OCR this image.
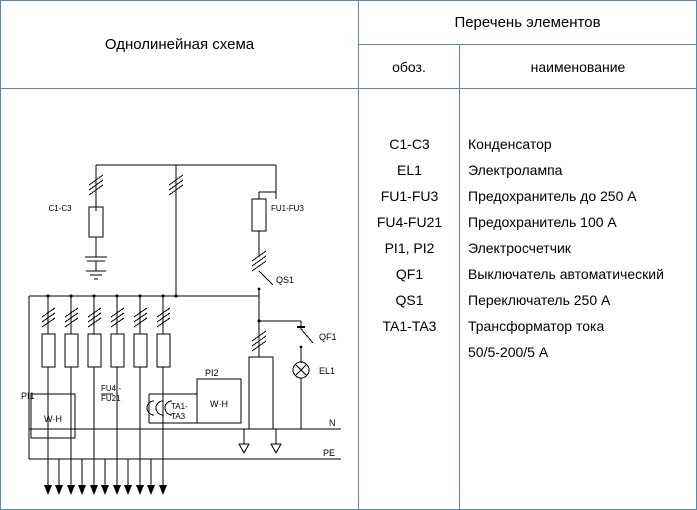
Однолинейная схема
Перечень элементов
обоз.	наименование
C1-C3	Конденсатор
EL1	Электролампа
FU1-FU3	Предохранитель до 250 А
FU4-FU21	Предохранитель 100 А
PI1, PI2	Электросчетчик
QF1	Выключатель автоматический
QS1	Переключатель 250 А
TA1-TA3	Трансформатор тока
50/5-200/5 А
C1-C3	FU1-FU3
QS1
QF1
EL1
PI1
PI2
W·H
W·H
FU4 -
FU21
TA1-
TA3
N
PE
